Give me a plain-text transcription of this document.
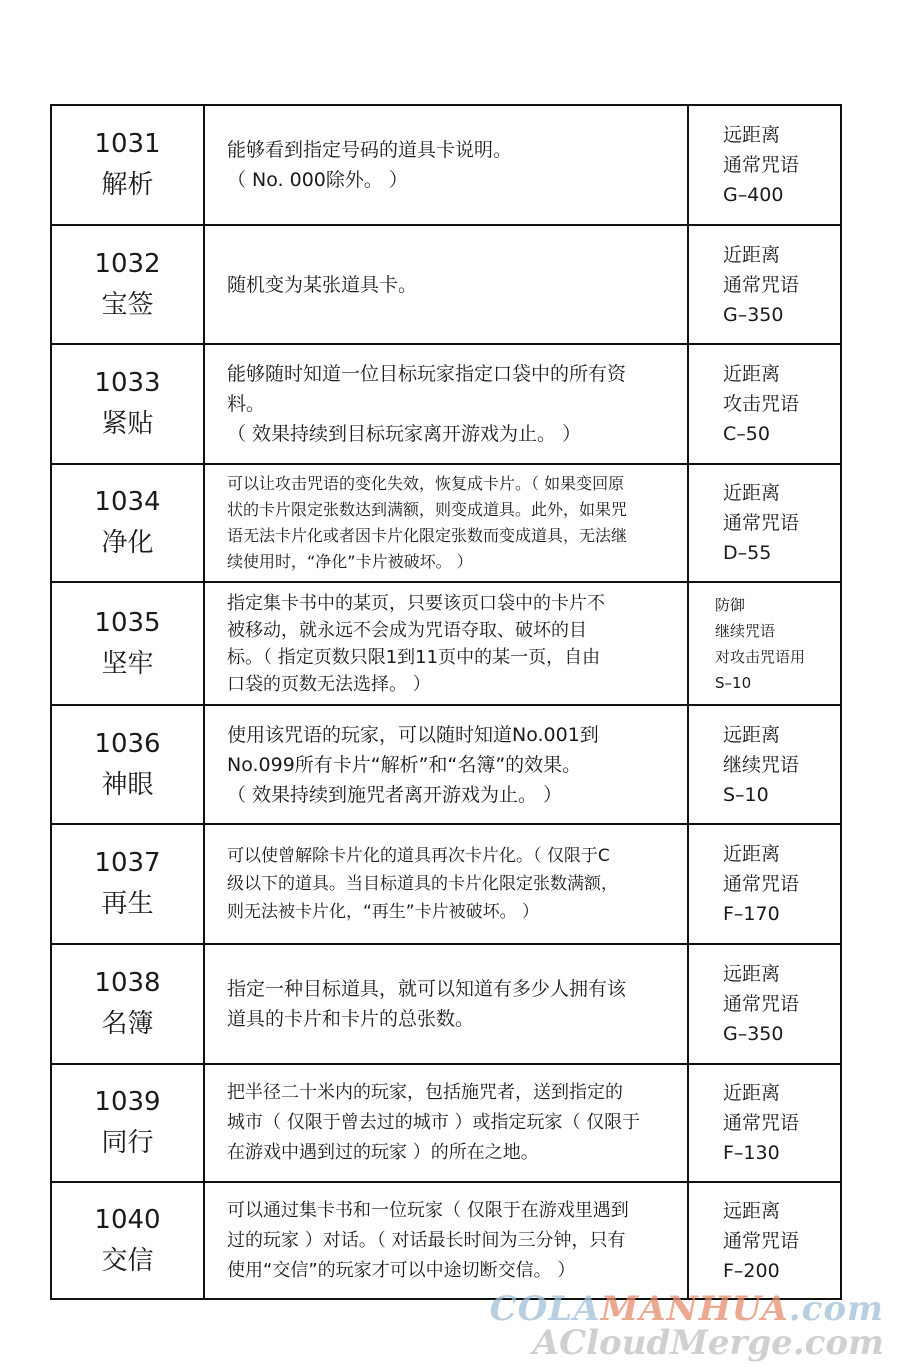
1031
解析

能够看到指定号码的道具卡说明。

（ No. 000除外。 ）

远距离
通常咒语
G–400
1032
宝签

随机变为某张道具卡。

近距离
通常咒语
G–350
1033
紧贴

能够随时知道一位目标玩家指定口袋中的所有资

料。

（ 效果持续到目标玩家离开游戏为止。 ）

近距离
攻击咒语
C–50
1034
净化

可以让攻击咒语的变化失效，恢复成卡片。（ 如果变回原

状的卡片限定张数达到满额，则变成道具。此外，如果咒

语无法卡片化或者因卡片化限定张数而变成道具，无法继

续使用时，“净化”卡片被破坏。 ）

近距离
通常咒语
D–55
1035
坚牢

指定集卡书中的某页，只要该页口袋中的卡片不

被移动，就永远不会成为咒语夺取、破坏的目

标。（ 指定页数只限1到11页中的某一页，自由

口袋的页数无法选择。 ）

防御
继续咒语
对攻击咒语用
S–10
1036
神眼

使用该咒语的玩家，可以随时知道No.001到

No.099所有卡片“解析”和“名簿”的效果。

（ 效果持续到施咒者离开游戏为止。 ）

远距离
继续咒语
S–10
1037
再生

可以使曾解除卡片化的道具再次卡片化。（ 仅限于C

级以下的道具。当目标道具的卡片化限定张数满额，

则无法被卡片化，“再生”卡片被破坏。 ）

近距离
通常咒语
F–170
1038
名簿

指定一种目标道具，就可以知道有多少人拥有该

道具的卡片和卡片的总张数。

远距离
通常咒语
G–350
1039
同行

把半径二十米内的玩家，包括施咒者，送到指定的

城市（ 仅限于曾去过的城市 ）或指定玩家（ 仅限于

在游戏中遇到过的玩家 ）的所在之地。

近距离
通常咒语
F–130
1040
交信

可以通过集卡书和一位玩家（ 仅限于在游戏里遇到

过的玩家 ）对话。（ 对话最长时间为三分钟，只有

使用“交信”的玩家才可以中途切断交信。 ）

远距离
通常咒语
F–200
COLAMANHUA.com
ACloudMerge.com
